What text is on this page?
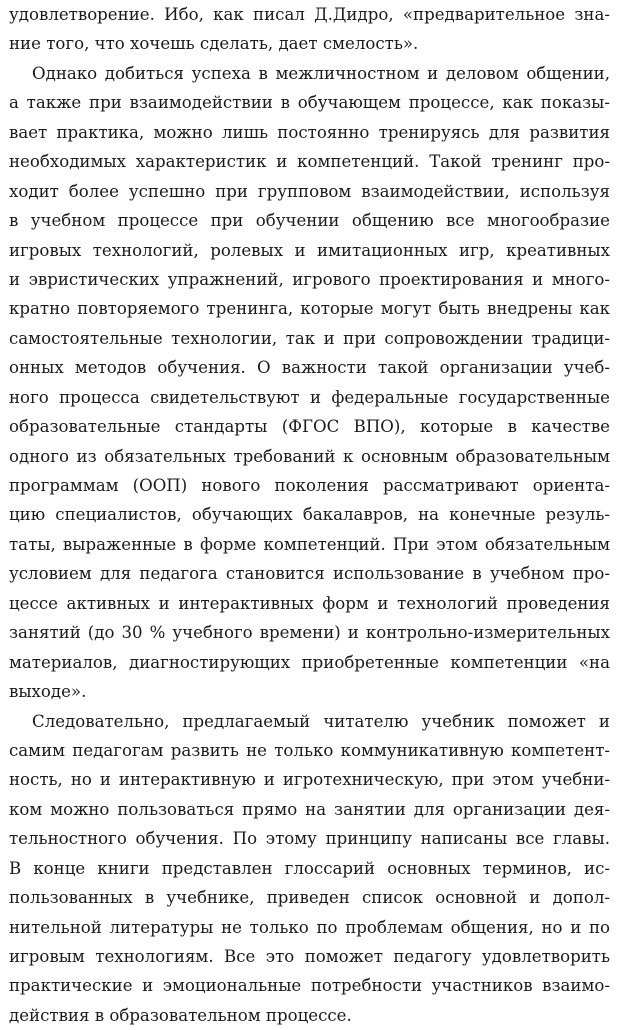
удовлетворение. Ибо, как писал Д.Дидро, «предварительное зна-
ние того, что хочешь сделать, дает смелость».
Однако добиться успеха в межличностном и деловом общении,
а также при взаимодействии в обучающем процессе, как показы-
вает практика, можно лишь постоянно тренируясь для развития
необходимых характеристик и компетенций. Такой тренинг про-
ходит более успешно при групповом взаимодействии, используя
в учебном процессе при обучении общению все многообразие
игровых технологий, ролевых и имитационных игр, креативных
и эвристических упражнений, игрового проектирования и много-
кратно повторяемого тренинга, которые могут быть внедрены как
самостоятельные технологии, так и при сопровождении традици-
онных методов обучения. О важности такой организации учеб-
ного процесса свидетельствуют и федеральные государственные
образовательные стандарты (ФГОС ВПО), которые в качестве
одного из обязательных требований к основным образовательным
программам (ООП) нового поколения рассматривают ориента-
цию специалистов, обучающих бакалавров, на конечные резуль-
таты, выраженные в форме компетенций. При этом обязательным
условием для педагога становится использование в учебном про-
цессе активных и интерактивных форм и технологий проведения
занятий (до 30 % учебного времени) и контрольно-измерительных
материалов, диагностирующих приобретенные компетенции «на
выходе».
Следовательно, предлагаемый читателю учебник поможет и
самим педагогам развить не только коммуникативную компетент-
ность, но и интерактивную и игротехническую, при этом учебни-
ком можно пользоваться прямо на занятии для организации дея-
тельностного обучения. По этому принципу написаны все главы.
В конце книги представлен глоссарий основных терминов, ис-
пользованных в учебнике, приведен список основной и допол-
нительной литературы не только по проблемам общения, но и по
игровым технологиям. Все это поможет педагогу удовлетворить
практические и эмоциональные потребности участников взаимо-
действия в образовательном процессе.
